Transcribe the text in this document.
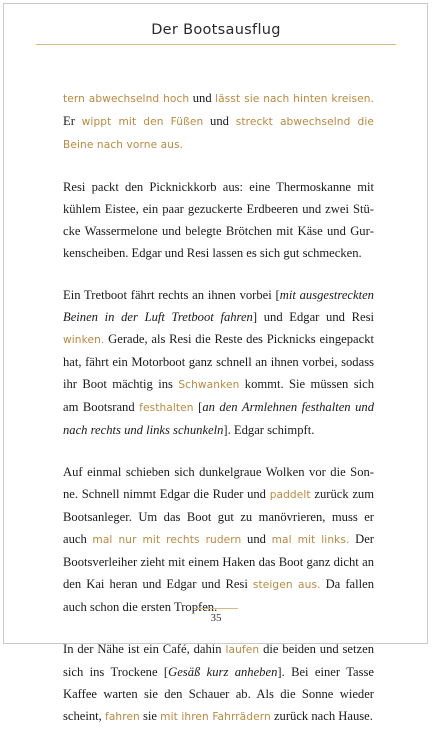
Der Bootsausflug

tern abwechselnd hoch und lässt sie nach hinten kreisen. Er wippt mit den Füßen und streckt abwechselnd die Beine nach vorne aus.

Resi packt den Picknickkorb aus: eine Thermoskanne mit kühlem Eistee, ein paar gezuckerte Erdbeeren und zwei Stücke Wassermelone und belegte Brötchen mit Käse und Gurkenscheiben. Edgar und Resi lassen es sich gut schmecken.

Ein Tretboot fährt rechts an ihnen vorbei [mit ausgestreckten Beinen in der Luft Tretboot fahren] und Edgar und Resi winken. Gerade, als Resi die Reste des Picknicks eingepackt hat, fährt ein Motorboot ganz schnell an ihnen vorbei, sodass ihr Boot mächtig ins Schwanken kommt. Sie müssen sich am Bootsrand festhalten [an den Armlehnen festhalten und nach rechts und links schunkeln]. Edgar schimpft.

Auf einmal schieben sich dunkelgraue Wolken vor die Sonne. Schnell nimmt Edgar die Ruder und paddelt zurück zum Bootsanleger. Um das Boot gut zu manövrieren, muss er auch mal nur mit rechts rudern und mal mit links. Der Bootsverleiher zieht mit einem Haken das Boot ganz dicht an den Kai heran und Edgar und Resi steigen aus. Da fallen auch schon die ersten Tropfen.

In der Nähe ist ein Café, dahin laufen die beiden und setzen sich ins Trockene [Gesäß kurz anheben]. Bei einer Tasse Kaffee warten sie den Schauer ab. Als die Sonne wieder scheint, fahren sie mit ihren Fahrrädern zurück nach Hause.

35
